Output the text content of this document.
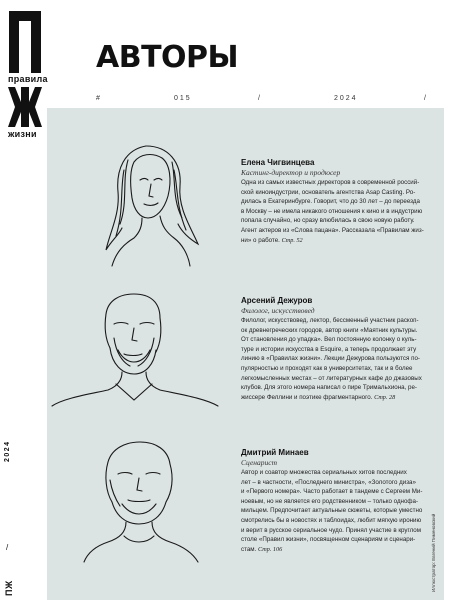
правила
жизни
АВТОРЫ
#	015	/	2024	/
Елена Чигвинцева
Кастинг-директор и продюсер
Одна из самых известных директоров в современной россий-
ской киноиндустрии, основатель агентства Asap Casting. Ро-
дилась в Екатеринбурге. Говорит, что до 30 лет – до переезда
в Москву – не имела никакого отношения к кино и в индустрию
попала случайно, но сразу влюбилась в свою новую работу.
Агент актеров из «Слова пацана». Рассказала «Правилам жиз-
ни» о работе. Стр. 52
Арсений Дежуров
Филолог, искусствовед
Филолог, искусствовед, лектор, бессменный участник раскоп-
ок древнегреческих городов, автор книги «Маятник культуры.
От становления до упадка». Вел постоянную колонку о куль-
туре и истории искусства в Esquire, а теперь продолжает эту
линию в «Правилах жизни». Лекции Дежурова пользуются по-
пулярностью и проходят как в университетах, так и в более
легкомысленных местах – от литературных кафе до джазовых
клубов. Для этого номера написал о пире Тримальхиона, ре-
жиссере Феллини и поэтике фрагментарного. Стр. 28
Дмитрий Минаев
Сценарист
Автор и соавтор множества сериальных хитов последних
лет – в частности, «Последнего министра», «Золотого диза»
и «Первого номера». Часто работает в тандеме с Сергеем Ми-
ноевым, но не является его родственником – только однофа-
мильцем. Предпочитает актуальные сюжеты, которые уместно
смотрелись бы в новостях и таблоидах, любит мягкую иронию
и верит в русское сериальное чудо. Принял участие в круглом
столе «Правил жизни», посвященном сценариям и сценари-
стам. Стр. 106
2024
/
ПЖ	Иллюстратор: Евгений Пименовский
